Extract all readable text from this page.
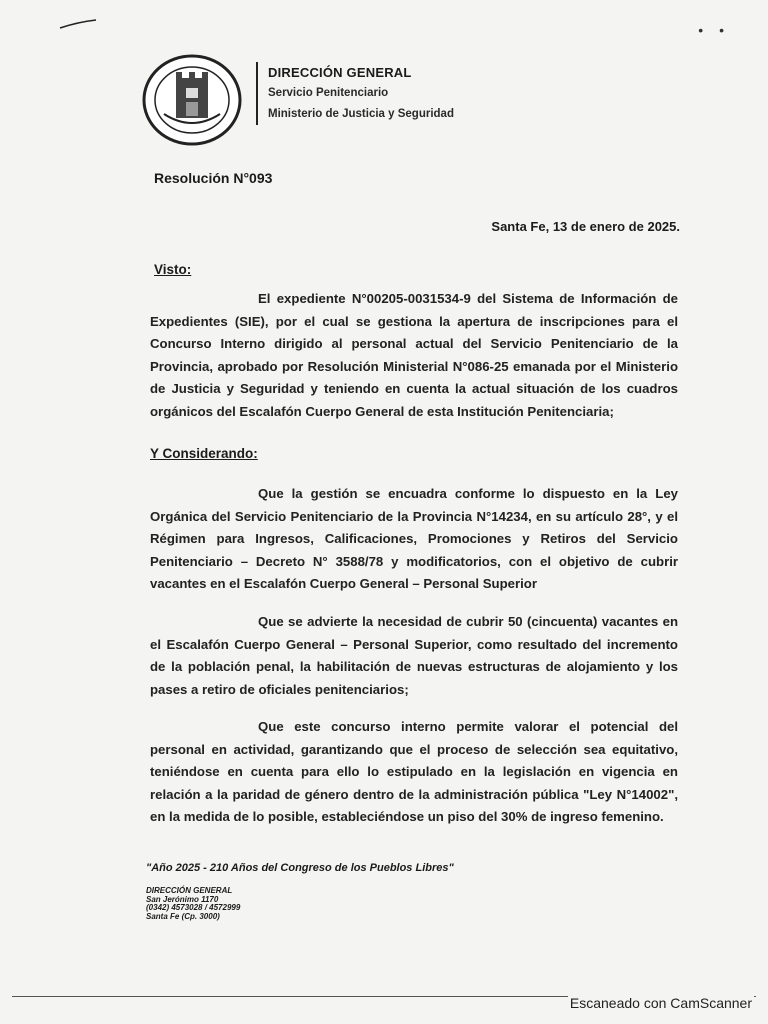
• •
DIRECCIÓN GENERAL
Servicio Penitenciario
Ministerio de Justicia y Seguridad
Resolución N°093
Santa Fe, 13 de enero de 2025.
Visto:
El expediente N°00205-0031534-9 del Sistema de Información de Expedientes (SIE), por el cual se gestiona la apertura de inscripciones para el Concurso Interno dirigido al personal actual del Servicio Penitenciario de la Provincia, aprobado por Resolución Ministerial N°086-25 emanada por el Ministerio de Justicia y Seguridad y teniendo en cuenta la actual situación de los cuadros orgánicos del Escalafón Cuerpo General de esta Institución Penitenciaria;
Y Considerando:
Que la gestión se encuadra conforme lo dispuesto en la Ley Orgánica del Servicio Penitenciario de la Provincia N°14234, en su artículo 28°, y el Régimen para Ingresos, Calificaciones, Promociones y Retiros del Servicio Penitenciario – Decreto N° 3588/78 y modificatorios, con el objetivo de cubrir vacantes en el Escalafón Cuerpo General – Personal Superior
Que se advierte la necesidad de cubrir 50 (cincuenta) vacantes en el Escalafón Cuerpo General – Personal Superior, como resultado del incremento de la población penal, la habilitación de nuevas estructuras de alojamiento y los pases a retiro de oficiales penitenciarios;
Que este concurso interno permite valorar el potencial del personal en actividad, garantizando que el proceso de selección sea equitativo, teniéndose en cuenta para ello lo estipulado en la legislación en vigencia en relación a la paridad de género dentro de la administración pública "Ley N°14002", en la medida de lo posible, estableciéndose un piso del 30% de ingreso femenino.
"Año 2025 - 210 Años del Congreso de los Pueblos Libres"
DIRECCIÓN GENERAL
San Jerónimo 1170
(0342) 4573028 / 4572999
Santa Fe (Cp. 3000)
Escaneado con CamScanner
